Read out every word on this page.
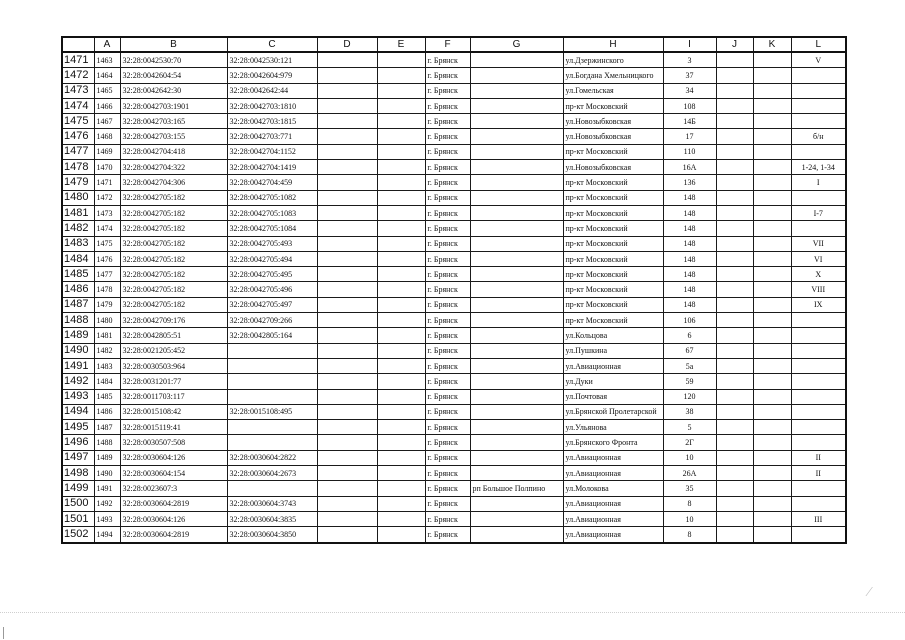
	A	B	C	D	E	F	G	H	I	J	K	L
1471	1463	32:28:0042530:70	32:28:0042530:121			г. Брянск		ул.Дзержинского	3			V
1472	1464	32:28:0042604:54	32:28:0042604:979			г. Брянск		ул.Богдана Хмельницкого	37			
1473	1465	32:28:0042642:30	32:28:0042642:44			г. Брянск		ул.Гомельская	34			
1474	1466	32:28:0042703:1901	32:28:0042703:1810			г. Брянск		пр-кт Московский	108			
1475	1467	32:28:0042703:165	32:28:0042703:1815			г. Брянск		ул.Новозыбковская	14Б			
1476	1468	32:28:0042703:155	32:28:0042703:771			г. Брянск		ул.Новозыбковская	17			б/н
1477	1469	32:28:0042704:418	32:28:0042704:1152			г. Брянск		пр-кт Московский	110			
1478	1470	32:28:0042704:322	32:28:0042704:1419			г. Брянск		ул.Новозыбковская	16А			1-24, 1-34
1479	1471	32:28:0042704:306	32:28:0042704:459			г. Брянск		пр-кт Московский	136			I
1480	1472	32:28:0042705:182	32:28:0042705:1082			г. Брянск		пр-кт Московский	148			
1481	1473	32:28:0042705:182	32:28:0042705:1083			г. Брянск		пр-кт Московский	148			I-7
1482	1474	32:28:0042705:182	32:28:0042705:1084			г. Брянск		пр-кт Московский	148			
1483	1475	32:28:0042705:182	32:28:0042705:493			г. Брянск		пр-кт Московский	148			VII
1484	1476	32:28:0042705:182	32:28:0042705:494			г. Брянск		пр-кт Московский	148			VI
1485	1477	32:28:0042705:182	32:28:0042705:495			г. Брянск		пр-кт Московский	148			X
1486	1478	32:28:0042705:182	32:28:0042705:496			г. Брянск		пр-кт Московский	148			VIII
1487	1479	32:28:0042705:182	32:28:0042705:497			г. Брянск		пр-кт Московский	148			IX
1488	1480	32:28:0042709:176	32:28:0042709:266			г. Брянск		пр-кт Московский	106			
1489	1481	32:28:0042805:51	32:28:0042805:164			г. Брянск		ул.Кольцова	6			
1490	1482	32:28:0021205:452				г. Брянск		ул.Пушкина	67			
1491	1483	32:28:0030503:964				г. Брянск		ул.Авиационная	5а			
1492	1484	32:28:0031201:77				г. Брянск		ул.Дуки	59			
1493	1485	32:28:0011703:117				г. Брянск		ул.Почтовая	120			
1494	1486	32:28:0015108:42	32:28:0015108:495			г. Брянск		ул.Брянской Пролетарской	38			
1495	1487	32:28:0015119:41				г. Брянск		ул.Ульянова	5			
1496	1488	32:28:0030507:508				г. Брянск		ул.Брянского Фронта	2Г			
1497	1489	32:28:0030604:126	32:28:0030604:2822			г. Брянск		ул.Авиационная	10			II
1498	1490	32:28:0030604:154	32:28:0030604:2673			г. Брянск		ул.Авиационная	26А			II
1499	1491	32:28:0023607:3				г. Брянск	рп Большое Полпино	ул.Молокова	35			
1500	1492	32:28:0030604:2819	32:28:0030604:3743			г. Брянск		ул.Авиационная	8			
1501	1493	32:28:0030604:126	32:28:0030604:3835			г. Брянск		ул.Авиационная	10			III
1502	1494	32:28:0030604:2819	32:28:0030604:3850			г. Брянск		ул.Авиационная	8			
⁄
